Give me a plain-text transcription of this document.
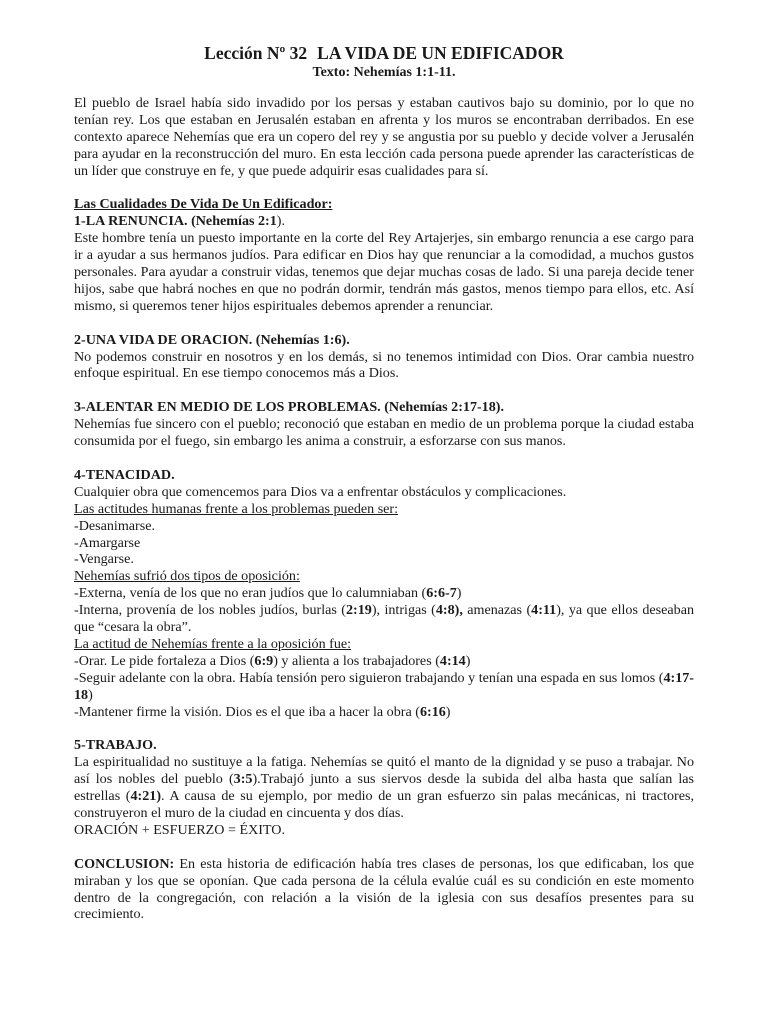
Lección Nº 32 LA VIDA DE UN EDIFICADOR
Texto: Nehemías 1:1-11.

El pueblo de Israel había sido invadido por los persas y estaban cautivos bajo su dominio, por lo que no tenían rey. Los que estaban en Jerusalén estaban en afrenta y los muros se encontraban derribados. En ese contexto aparece Nehemías que era un copero del rey y se angustia por su pueblo y decide volver a Jerusalén para ayudar en la reconstrucción del muro. En esta lección cada persona puede aprender las características de un líder que construye en fe, y que puede adquirir esas cualidades para sí.

Las Cualidades De Vida De Un Edificador:

1-LA RENUNCIA. (Nehemías 2:1).

Este hombre tenía un puesto importante en la corte del Rey Artajerjes, sin embargo renuncia a ese cargo para ir a ayudar a sus hermanos judíos. Para edificar en Dios hay que renunciar a la comodidad, a muchos gustos personales. Para ayudar a construir vidas, tenemos que dejar muchas cosas de lado. Si una pareja decide tener hijos, sabe que habrá noches en que no podrán dormir, tendrán más gastos, menos tiempo para ellos, etc. Así mismo, si queremos tener hijos espirituales debemos aprender a renunciar.

2-UNA VIDA DE ORACION. (Nehemías 1:6).

No podemos construir en nosotros y en los demás, si no tenemos intimidad con Dios. Orar cambia nuestro enfoque espiritual. En ese tiempo conocemos más a Dios.

3-ALENTAR EN MEDIO DE LOS PROBLEMAS. (Nehemías 2:17-18).

Nehemías fue sincero con el pueblo; reconoció que estaban en medio de un problema porque la ciudad estaba consumida por el fuego, sin embargo les anima a construir, a esforzarse con sus manos.

4-TENACIDAD.

Cualquier obra que comencemos para Dios va a enfrentar obstáculos y complicaciones.

Las actitudes humanas frente a los problemas pueden ser:

-Desanimarse.

-Amargarse

-Vengarse.

Nehemías sufrió dos tipos de oposición:

-Externa, venía de los que no eran judíos que lo calumniaban (6:6-7)

-Interna, provenía de los nobles judíos, burlas (2:19), intrigas (4:8), amenazas (4:11), ya que ellos deseaban que “cesara la obra”.

La actitud de Nehemías frente a la oposición fue:

-Orar. Le pide fortaleza a Dios (6:9) y alienta a los trabajadores (4:14)

-Seguir adelante con la obra. Había tensión pero siguieron trabajando y tenían una espada en sus lomos (4:17-18)

-Mantener firme la visión. Dios es el que iba a hacer la obra (6:16)

5-TRABAJO.

La espiritualidad no sustituye a la fatiga. Nehemías se quitó el manto de la dignidad y se puso a trabajar. No así los nobles del pueblo (3:5).Trabajó junto a sus siervos desde la subida del alba hasta que salían las estrellas (4:21). A causa de su ejemplo, por medio de un gran esfuerzo sin palas mecánicas, ni tractores, construyeron el muro de la ciudad en cincuenta y dos días.

ORACIÓN + ESFUERZO = ÉXITO.

CONCLUSION: En esta historia de edificación había tres clases de personas, los que edificaban, los que miraban y los que se oponían. Que cada persona de la célula evalúe cuál es su condición en este momento dentro de la congregación, con relación a la visión de la iglesia con sus desafíos presentes para su crecimiento.
